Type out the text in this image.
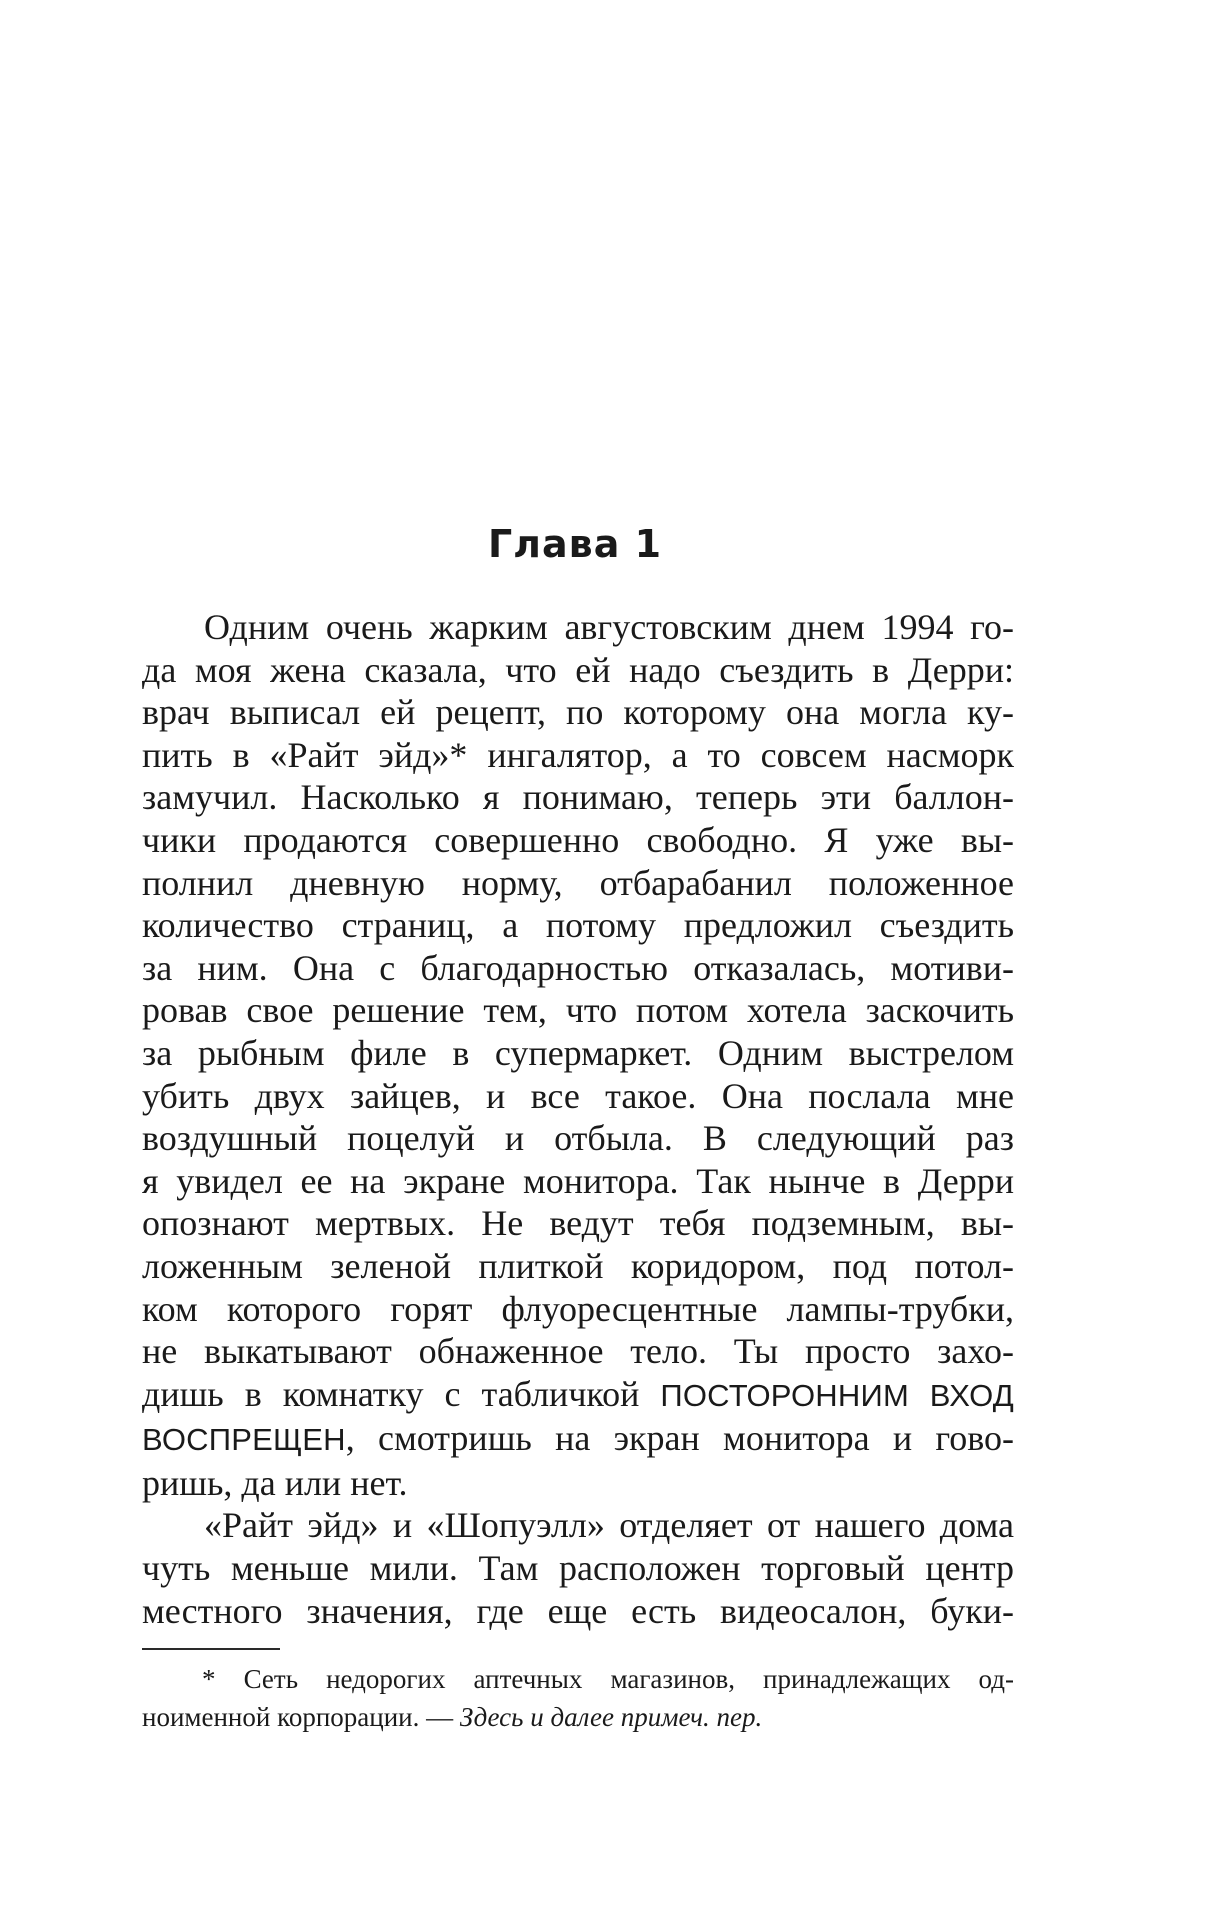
Глава 1
Одним очень жарким августовским днем 1994 го-
да моя жена сказала, что ей надо съездить в Дерри:
врач выписал ей рецепт, по которому она могла ку-
пить в «Райт эйд»* ингалятор, а то совсем насморк
замучил. Насколько я понимаю, теперь эти баллон-
чики продаются совершенно свободно. Я уже вы-
полнил дневную норму, отбарабанил положенное
количество страниц, а потому предложил съездить
за ним. Она с благодарностью отказалась, мотиви-
ровав свое решение тем, что потом хотела заскочить
за рыбным филе в супермаркет. Одним выстрелом
убить двух зайцев, и все такое. Она послала мне
воздушный поцелуй и отбыла. В следующий раз
я увидел ее на экране монитора. Так нынче в Дерри
опознают мертвых. Не ведут тебя подземным, вы-
ложенным зеленой плиткой коридором, под потол-
ком которого горят флуоресцентные лампы-трубки,
не выкатывают обнаженное тело. Ты просто захо-
дишь в комнатку с табличкой ПОСТОРОННИМ ВХОД
ВОСПРЕЩЕН, смотришь на экран монитора и гово-
ришь, да или нет.
«Райт эйд» и «Шопуэлл» отделяет от нашего дома
чуть меньше мили. Там расположен торговый центр
местного значения, где еще есть видеосалон, буки-
* Сеть недорогих аптечных магазинов, принадлежащих од-
ноименной корпорации. — Здесь и далее примеч. пер.
